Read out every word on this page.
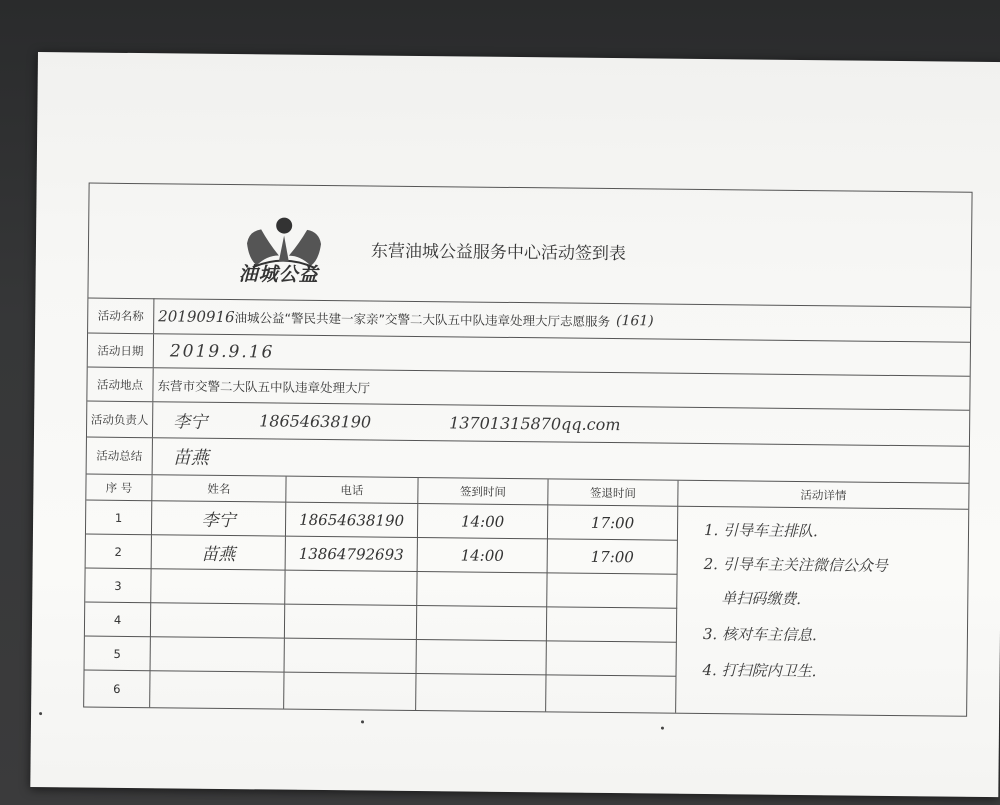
油城公益
东营油城公益服务中心活动签到表
活动名称 20190916 油城公益“警民共建一家亲”交警二大队五中队违章处理大厅志愿服务 (161)
活动日期	2019.9.16
活动地点	东营市交警二大队五中队违章处理大厅
活动负责人 李宁	18654638190	13701315870qq.com
活动总结	苗燕
序 号	姓名	电话	签到时间	签退时间	活动详情
1	李宁	18654638190	14:00	17:00
2	苗燕	13864792693	14:00	17:00
3
4
5
6
1. 引导车主排队.
2. 引导车主关注微信公众号
单扫码缴费.
3. 核对车主信息.
4. 打扫院内卫生.
